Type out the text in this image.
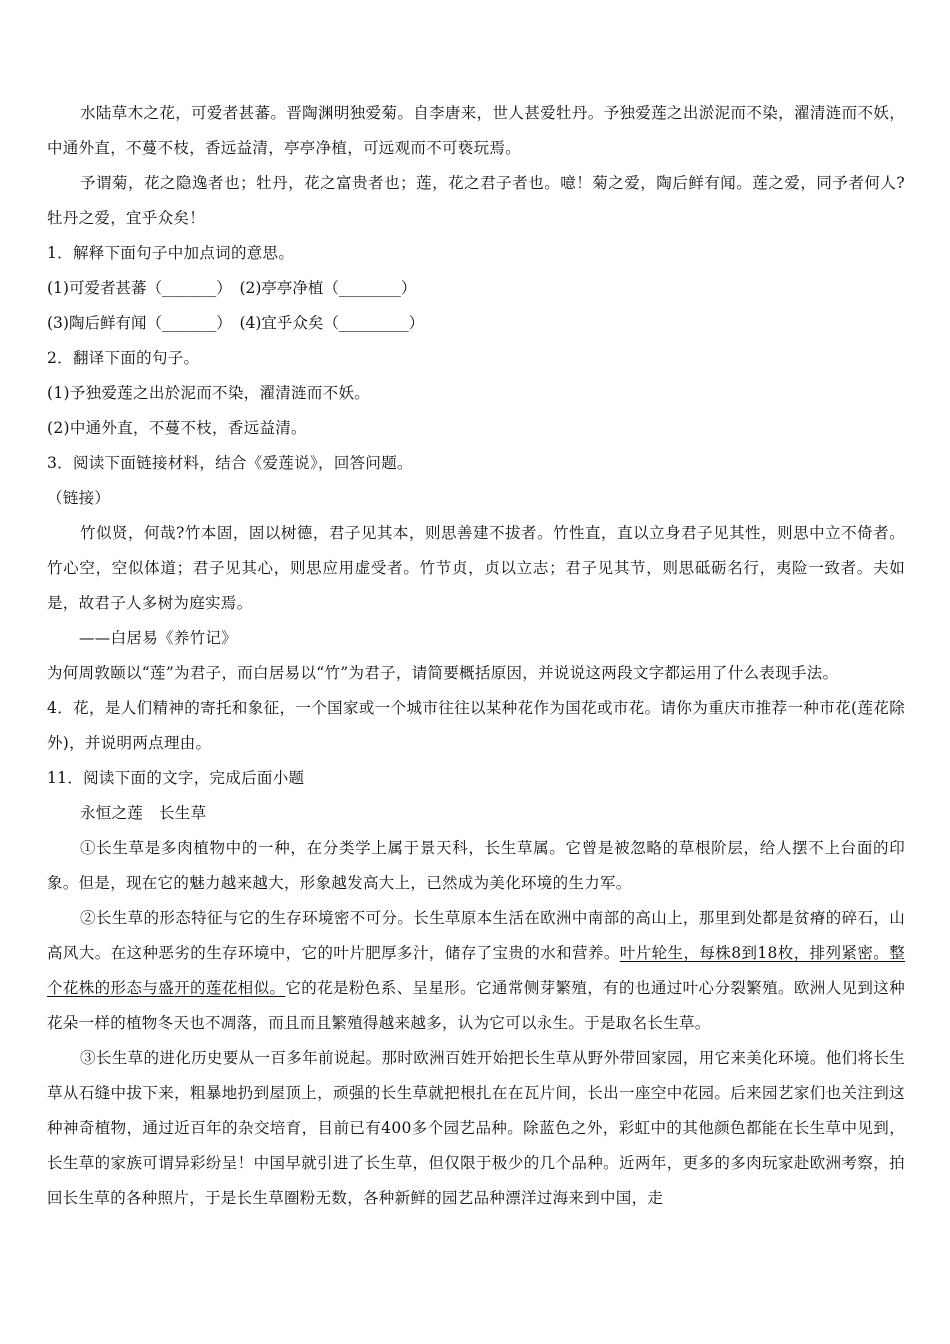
水陆草木之花，可爱者甚蕃。晋陶渊明独爱菊。自李唐来，世人甚爱牡丹。予独爱莲之出淤泥而不染，濯清涟而不妖，中通外直，不蔓不枝，香远益清，亭亭净植，可远观而不可亵玩焉。

予谓菊，花之隐逸者也；牡丹，花之富贵者也；莲，花之君子者也。噫！菊之爱，陶后鲜有闻。莲之爱，同予者何人?牡丹之爱，宜乎众矣！

1．解释下面句子中加点词的意思。

(1)可爱者甚蕃（_______）　(2)亭亭净植（________）

(3)陶后鲜有闻（_______）　(4)宜乎众矣（_________）

2．翻译下面的句子。

(1)予独爱莲之出於泥而不染，濯清涟而不妖。

(2)中通外直，不蔓不枝，香远益清。

3．阅读下面链接材料，结合《爱莲说》，回答问题。

（链接）

竹似贤，何哉?竹本固，固以树德，君子见其本，则思善建不拔者。竹性直，直以立身君子见其性，则思中立不倚者。竹心空，空似体道；君子见其心，则思应用虚受者。竹节贞，贞以立志；君子见其节，则思砥砺名行，夷险一致者。夫如是，故君子人多树为庭实焉。

——白居易《养竹记》

为何周敦颐以“莲”为君子，而白居易以“竹”为君子，请简要概括原因，并说说这两段文字都运用了什么表现手法。

4．花，是人们精神的寄托和象征，一个国家或一个城市往往以某种花作为国花或市花。请你为重庆市推荐一种市花(莲花除外)，并说明两点理由。

11．阅读下面的文字，完成后面小题

永恒之莲　长生草

①长生草是多肉植物中的一种，在分类学上属于景天科，长生草属。它曾是被忽略的草根阶层，给人摆不上台面的印象。但是，现在它的魅力越来越大，形象越发高大上，已然成为美化环境的生力军。

②长生草的形态特征与它的生存环境密不可分。长生草原本生活在欧洲中南部的高山上，那里到处都是贫瘠的碎石，山高风大。在这种恶劣的生存环境中，它的叶片肥厚多汁，储存了宝贵的水和营养。叶片轮生，每株8到18枚，排列紧密。整个花株的形态与盛开的莲花相似。它的花是粉色系、呈星形。它通常侧芽繁殖，有的也通过叶心分裂繁殖。欧洲人见到这种花朵一样的植物冬天也不凋落，而且而且繁殖得越来越多，认为它可以永生。于是取名长生草。

③长生草的进化历史要从一百多年前说起。那时欧洲百姓开始把长生草从野外带回家园，用它来美化环境。他们将长生草从石缝中拔下来，粗暴地扔到屋顶上，顽强的长生草就把根扎在在瓦片间，长出一座空中花园。后来园艺家们也关注到这种神奇植物，通过近百年的杂交培育，目前已有400多个园艺品种。除蓝色之外，彩虹中的其他颜色都能在长生草中见到，长生草的家族可谓异彩纷呈！中国早就引进了长生草，但仅限于极少的几个品种。近两年，更多的多肉玩家赴欧洲考察，拍回长生草的各种照片，于是长生草圈粉无数，各种新鲜的园艺品种漂洋过海来到中国，走
